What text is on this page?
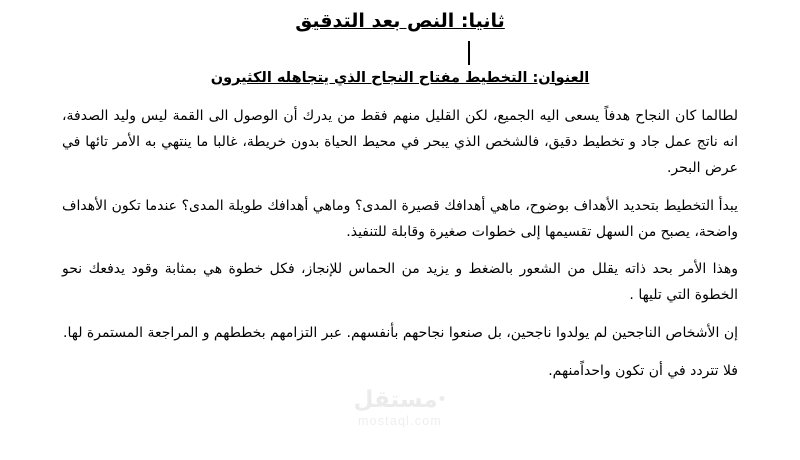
ثانيا: النص بعد التدقيق
العنوان: التخطيط مفتاح النجاح الذي يتجاهله الكثيرون

لطالما كان النجاح هدفاً يسعى اليه الجميع، لكن القليل منهم فقط من يدرك أن الوصول الى القمة ليس وليد الصدفة، انه ناتج عمل جاد و تخطيط دقيق، فالشخص الذي يبحر في محيط الحياة بدون خريطة، غالبا ما ينتهي به الأمر تائها في عرض البحر.

يبدأ التخطيط بتحديد الأهداف بوضوح، ماهي أهدافك قصيرة المدى؟ وماهي أهدافك طويلة المدى؟ عندما تكون الأهداف واضحة، يصبح من السهل تقسيمها إلى خطوات صغيرة وقابلة للتنفيذ.

وهذا الأمر بحد ذاته يقلل من الشعور بالضغط و يزيد من الحماس للإنجاز، فكل خطوة هي بمثابة وقود يدفعك نحو الخطوة التي تليها .

إن الأشخاص الناجحين لم يولدوا ناجحين، بل صنعوا نجاحهم بأنفسهم. عبر التزامهم بخططهم و المراجعة المستمرة لها.

فلا تتردد في أن تكون واحداًمنهم.

مستقل
mostaql.com
